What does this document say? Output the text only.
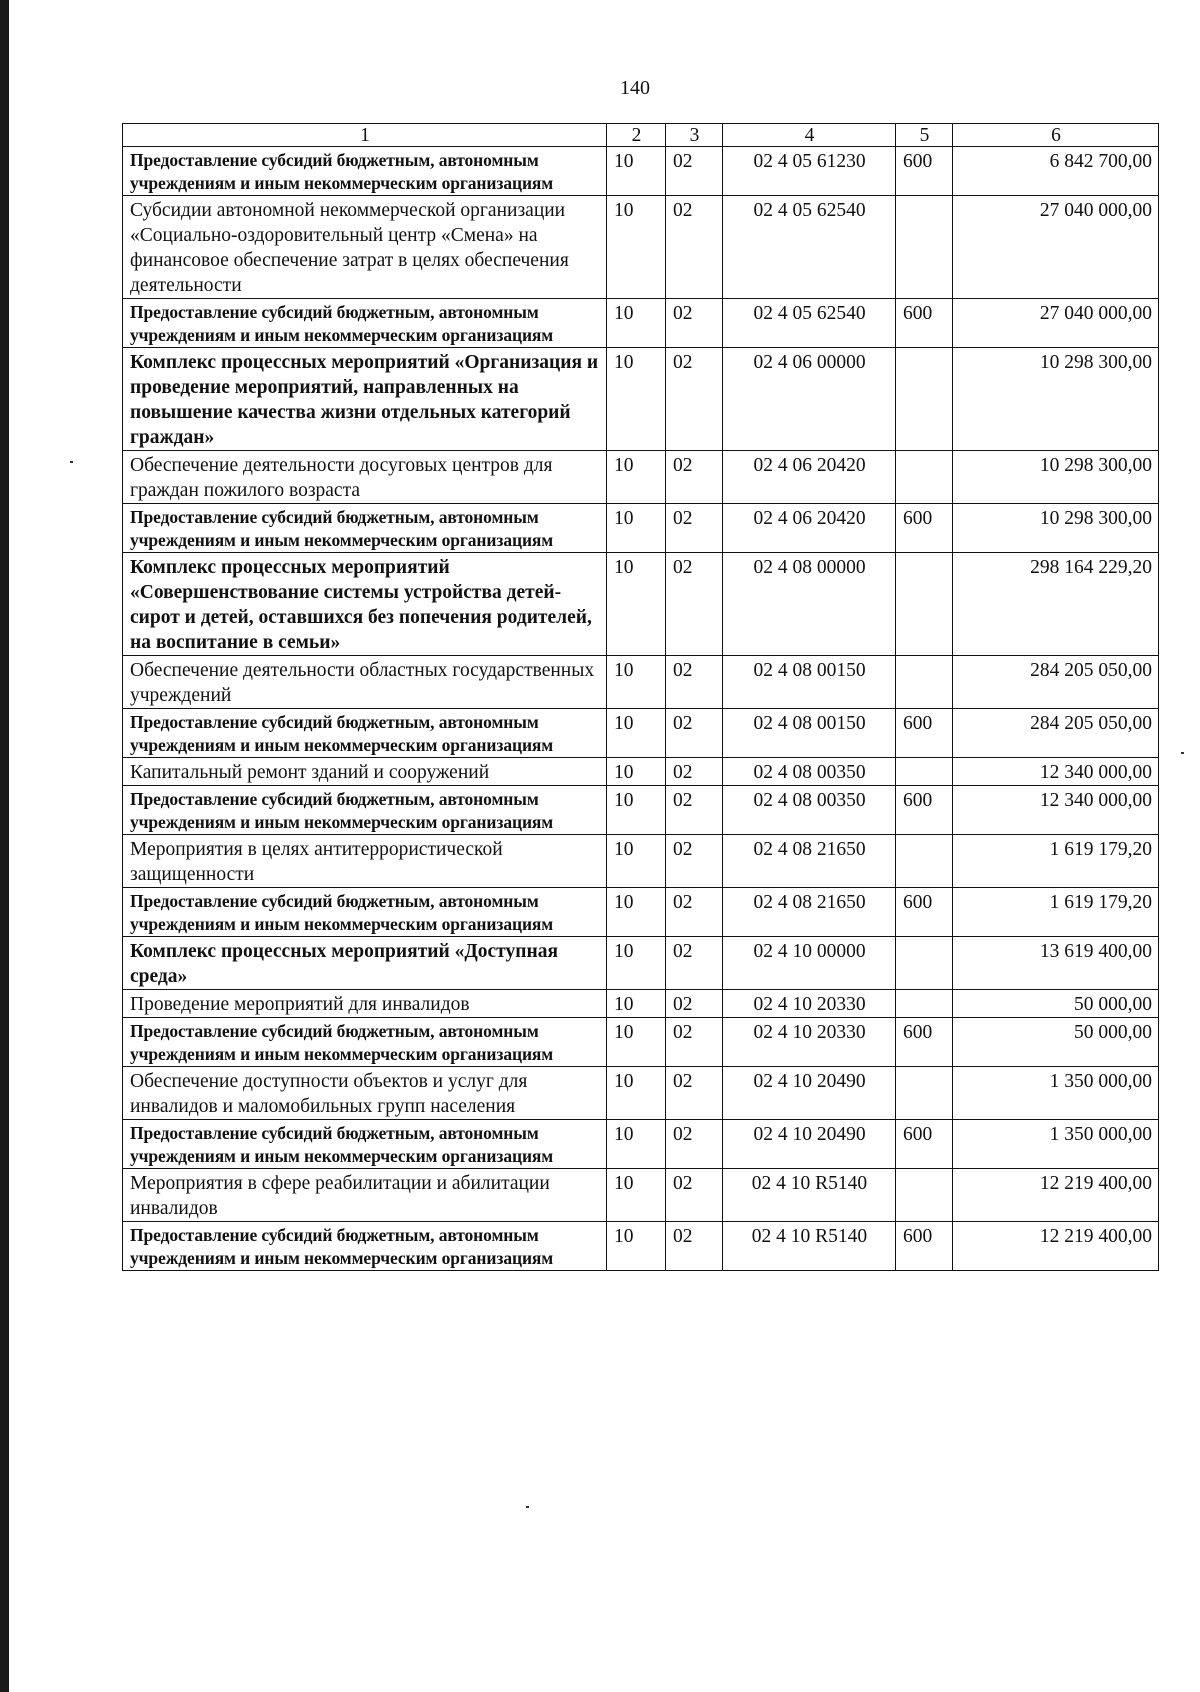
140
1	2	3	4	5	6
Предоставление субсидий бюджетным, автономным учреждениям и иным некоммерческим организациям	10	02	02 4 05 61230	600	6 842 700,00
Субсидии автономной некоммерческой организации «Социально-оздоровительный центр «Смена» на финансовое обеспечение затрат в целях обеспечения деятельности	10	02	02 4 05 62540		27 040 000,00
Предоставление субсидий бюджетным, автономным учреждениям и иным некоммерческим организациям	10	02	02 4 05 62540	600	27 040 000,00
Комплекс процессных мероприятий «Организация и проведение мероприятий, направленных на повышение качества жизни отдельных категорий граждан»	10	02	02 4 06 00000		10 298 300,00
Обеспечение деятельности досуговых центров для граждан пожилого возраста	10	02	02 4 06 20420		10 298 300,00
Предоставление субсидий бюджетным, автономным учреждениям и иным некоммерческим организациям	10	02	02 4 06 20420	600	10 298 300,00
Комплекс процессных мероприятий «Совершенствование системы устройства детей-сирот и детей, оставшихся без попечения родителей, на воспитание в семьи»	10	02	02 4 08 00000		298 164 229,20
Обеспечение деятельности областных государственных учреждений	10	02	02 4 08 00150		284 205 050,00
Предоставление субсидий бюджетным, автономным учреждениям и иным некоммерческим организациям	10	02	02 4 08 00150	600	284 205 050,00
Капитальный ремонт зданий и сооружений	10	02	02 4 08 00350		12 340 000,00
Предоставление субсидий бюджетным, автономным учреждениям и иным некоммерческим организациям	10	02	02 4 08 00350	600	12 340 000,00
Мероприятия в целях антитеррористической защищенности	10	02	02 4 08 21650		1 619 179,20
Предоставление субсидий бюджетным, автономным учреждениям и иным некоммерческим организациям	10	02	02 4 08 21650	600	1 619 179,20
Комплекс процессных мероприятий «Доступная среда»	10	02	02 4 10 00000		13 619 400,00
Проведение мероприятий для инвалидов	10	02	02 4 10 20330		50 000,00
Предоставление субсидий бюджетным, автономным учреждениям и иным некоммерческим организациям	10	02	02 4 10 20330	600	50 000,00
Обеспечение доступности объектов и услуг для инвалидов и маломобильных групп населения	10	02	02 4 10 20490		1 350 000,00
Предоставление субсидий бюджетным, автономным учреждениям и иным некоммерческим организациям	10	02	02 4 10 20490	600	1 350 000,00
Мероприятия в сфере реабилитации и абилитации инвалидов	10	02	02 4 10 R5140		12 219 400,00
Предоставление субсидий бюджетным, автономным учреждениям и иным некоммерческим организациям	10	02	02 4 10 R5140	600	12 219 400,00
